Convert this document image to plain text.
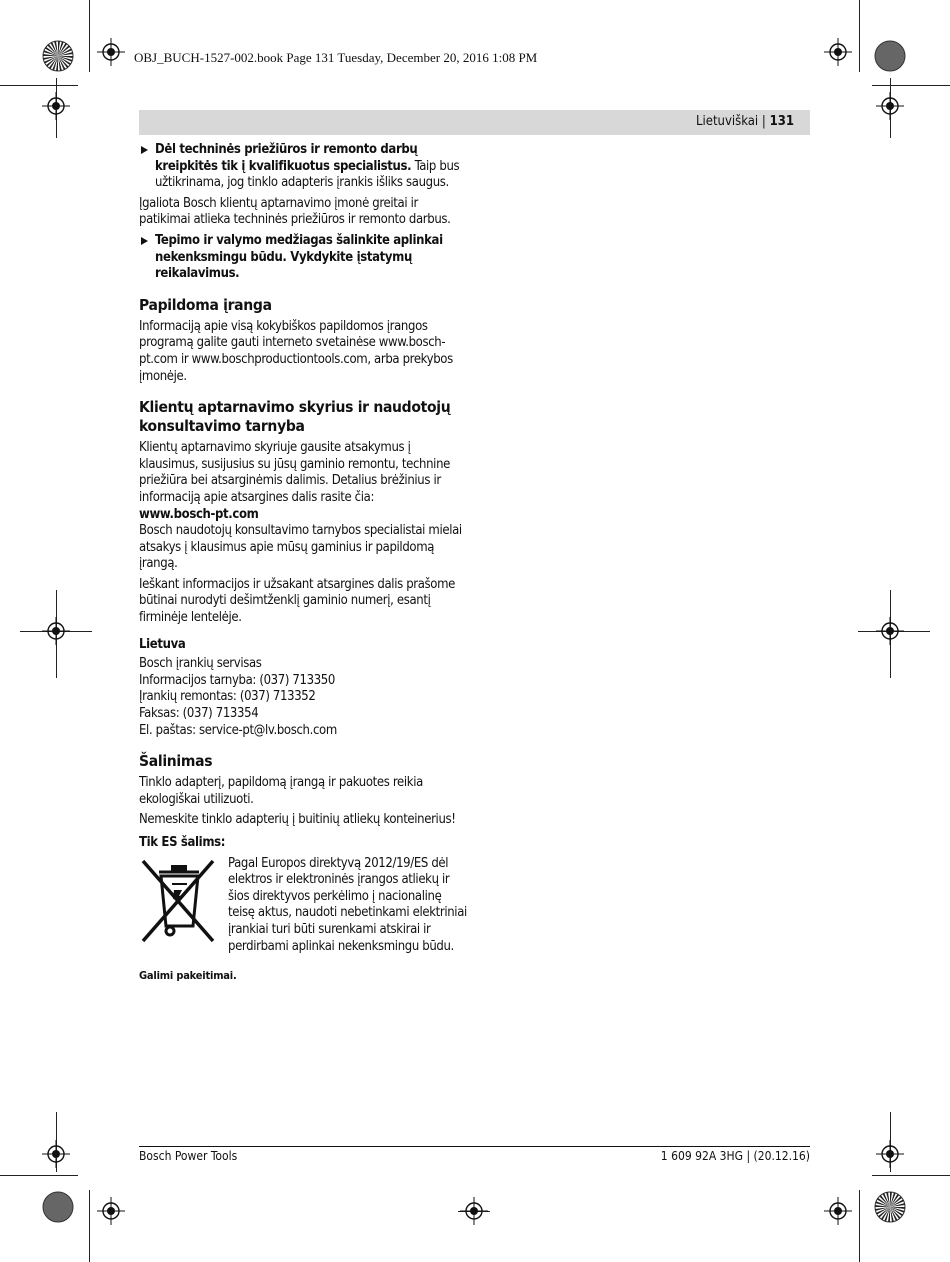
OBJ_BUCH-1527-002.book Page 131 Tuesday, December 20, 2016 1:08 PM
Lietuviškai | 131
Dėl techninės priežiūros ir remonto darbų kreipkitės tik į kvalifikuotus specialistus. Taip bus užtikrinama, jog tinklo adapteris įrankis išliks saugus.

Įgaliota Bosch klientų aptarnavimo įmonė greitai ir patikimai atlieka techninės priežiūros ir remonto darbus.

Tepimo ir valymo medžiagas šalinkite aplinkai nekenksmingu būdu. Vykdykite įstatymų reikalavimus.
Papildoma įranga

Informaciją apie visą kokybiškos papildomos įrangos programą galite gauti interneto svetainėse www.bosch-pt.com ir www.boschproductiontools.com, arba prekybos įmonėje.

Klientų aptarnavimo skyrius ir naudotojų konsultavimo tarnyba

Klientų aptarnavimo skyriuje gausite atsakymus į klausimus, susijusius su jūsų gaminio remontu, technine priežiūra bei atsarginėmis dalimis. Detalius brėžinius ir informaciją apie atsargines dalis rasite čia:

www.bosch-pt.com

Bosch naudotojų konsultavimo tarnybos specialistai mielai atsakys į klausimus apie mūsų gaminius ir papildomą įrangą.

Ieškant informacijos ir užsakant atsargines dalis prašome būtinai nurodyti dešimtženklį gaminio numerį, esantį firminėje lentelėje.

Lietuva
Bosch įrankių servisas
Informacijos tarnyba: (037) 713350
Įrankių remontas: (037) 713352
Faksas: (037) 713354
El. paštas: service-pt@lv.bosch.com
Šalinimas

Tinklo adapterį, papildomą įrangą ir pakuotes reikia ekologiškai utilizuoti.

Nemeskite tinklo adapterių į buitinių atliekų konteinerius!

Tik ES šalims:
Pagal Europos direktyvą 2012/19/ES dėl elektros ir elektroninės įrangos atliekų ir šios direktyvos perkėlimo į nacionalinę teisę aktus, naudoti nebetinkami elektriniai įrankiai turi būti surenkami atskirai ir perdirbami aplinkai nekenksmingu būdu.
Galimi pakeitimai.
Bosch Power Tools	1 609 92A 3HG | (20.12.16)
